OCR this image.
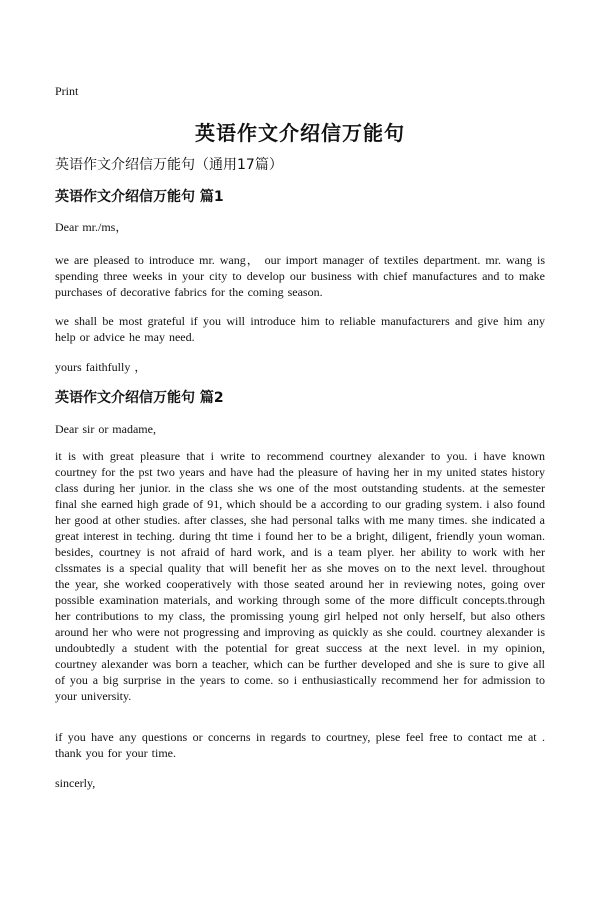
Print
英语作文介绍信万能句
英语作文介绍信万能句（通用17篇）
英语作文介绍信万能句 篇1
Dear mr./ms，
we are pleased to introduce mr. wang， our import manager of textiles department. mr. wang is spending three weeks in your city to develop our business with chief manufactures and to make purchases of decorative fabrics for the coming season.
we shall be most grateful if you will introduce him to reliable manufacturers and give him any help or advice he may need.
yours faithfully ，
英语作文介绍信万能句 篇2
Dear sir or madame,
it is with great pleasure that i write to recommend courtney alexander to you. i have known courtney for the pst two years and have had the pleasure of having her in my united states history class during her junior. in the class she ws one of the most outstanding students. at the semester final she earned high grade of 91, which should be a according to our grading system. i also found her good at other studies. after classes, she had personal talks with me many times. she indicated a great interest in teching. during tht time i found her to be a bright, diligent, friendly youn woman. besides, courtney is not afraid of hard work, and is a team plyer. her ability to work with her clssmates is a special quality that will benefit her as she moves on to the next level. throughout the year, she worked cooperatively with those seated around her in reviewing notes, going over possible examination materials, and working through some of the more difficult concepts.through her contributions to my class, the promissing young girl helped not only herself, but also others around her who were not progressing and improving as quickly as she could. courtney alexander is undoubtedly a student with the potential for great success at the next level. in my opinion, courtney alexander was born a teacher, which can be further developed and she is sure to give all of you a big surprise in the years to come. so i enthusiastically recommend her for admission to your university.
if you have any questions or concerns in regards to courtney, plese feel free to contact me at . thank you for your time.
sincerly,
